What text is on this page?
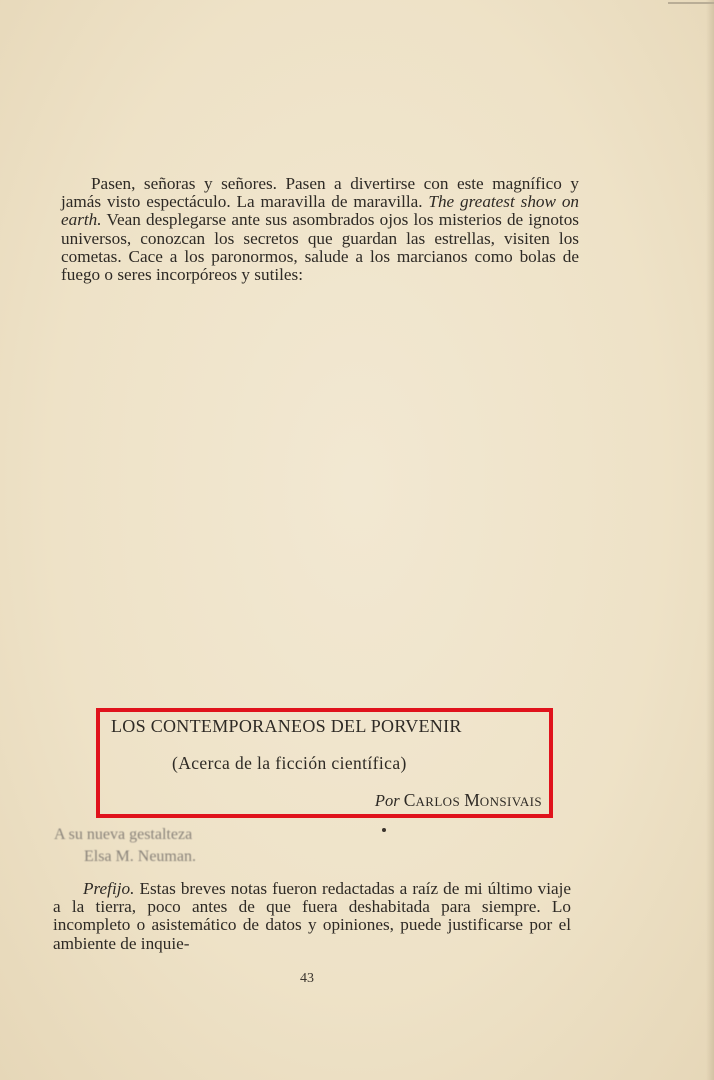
Pasen, señoras y señores. Pasen a divertirse con este magnífico y jamás visto espectáculo. La maravilla de maravilla. The greatest show on earth. Vean desplegarse ante sus asombrados ojos los misterios de ignotos universos, conozcan los secretos que guardan las estrellas, visiten los cometas. Cace a los paronormos, salude a los marcianos como bolas de fuego o seres incorpóreos y sutiles:

LOS CONTEMPORANEOS DEL PORVENIR
(Acerca de la ficción científica)
Por CARLOS MONSIVAIS
A su nueva gestalteza
Elsa M. Neuman.

Prefijo. Estas breves notas fueron redactadas a raíz de mi último viaje a la tierra, poco antes de que fuera deshabitada para siempre. Lo incompleto o asistemático de datos y opiniones, puede justificarse por el ambiente de inquie-

43
